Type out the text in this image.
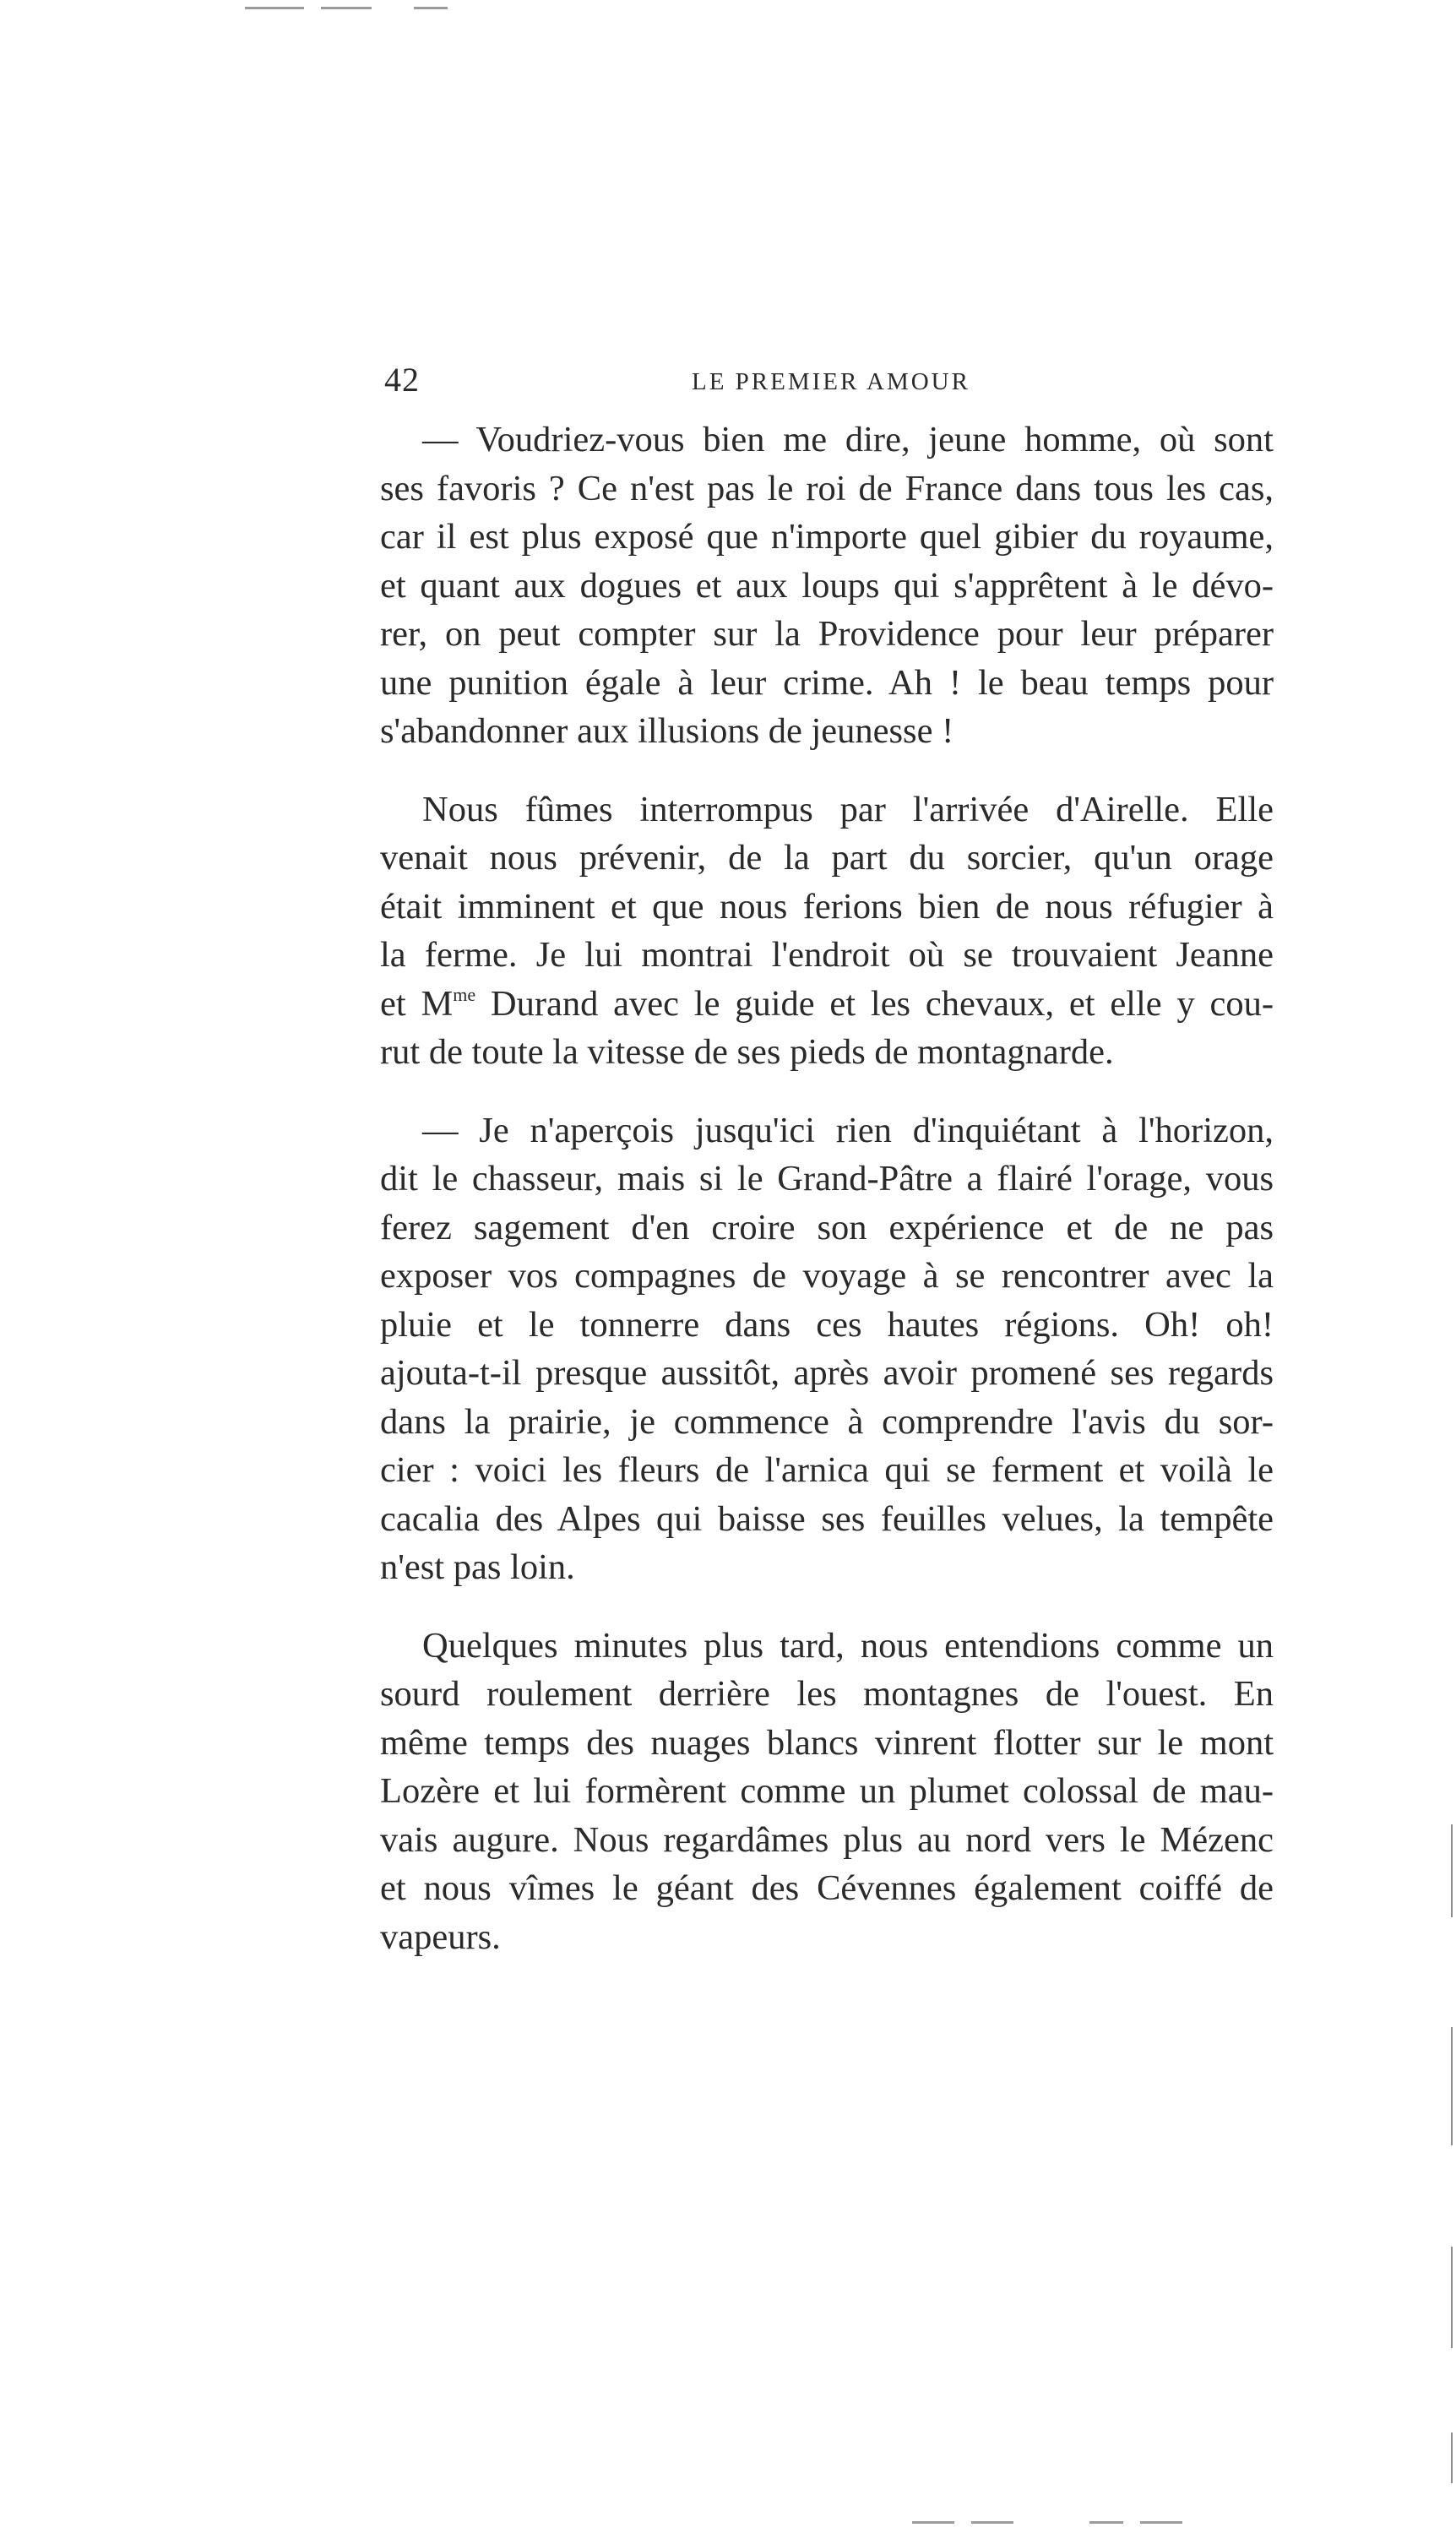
42	LE PREMIER AMOUR

— Voudriez-vous bien me dire, jeune homme, où sont
ses favoris ? Ce n'est pas le roi de France dans tous les cas,
car il est plus exposé que n'importe quel gibier du royaume,
et quant aux dogues et aux loups qui s'apprêtent à le dévo-
rer, on peut compter sur la Providence pour leur préparer
une punition égale à leur crime. Ah ! le beau temps pour
s'abandonner aux illusions de jeunesse !

Nous fûmes interrompus par l'arrivée d'Airelle. Elle
venait nous prévenir, de la part du sorcier, qu'un orage
était imminent et que nous ferions bien de nous réfugier à
la ferme. Je lui montrai l'endroit où se trouvaient Jeanne
et $M^{me}$ Durand avec le guide et les chevaux, et elle y cou-
rut de toute la vitesse de ses pieds de montagnarde.

— Je n'aperçois jusqu'ici rien d'inquiétant à l'horizon,
dit le chasseur, mais si le Grand-Pâtre a flairé l'orage, vous
ferez sagement d'en croire son expérience et de ne pas
exposer vos compagnes de voyage à se rencontrer avec la
pluie et le tonnerre dans ces hautes régions. Oh! oh!
ajouta-t-il presque aussitôt, après avoir promené ses regards
dans la prairie, je commence à comprendre l'avis du sor-
cier : voici les fleurs de l'arnica qui se ferment et voilà le
cacalia des Alpes qui baisse ses feuilles velues, la tempête
n'est pas loin.

Quelques minutes plus tard, nous entendions comme un
sourd roulement derrière les montagnes de l'ouest. En
même temps des nuages blancs vinrent flotter sur le mont
Lozère et lui formèrent comme un plumet colossal de mau-
vais augure. Nous regardâmes plus au nord vers le Mézenc
et nous vîmes le géant des Cévennes également coiffé de
vapeurs.
